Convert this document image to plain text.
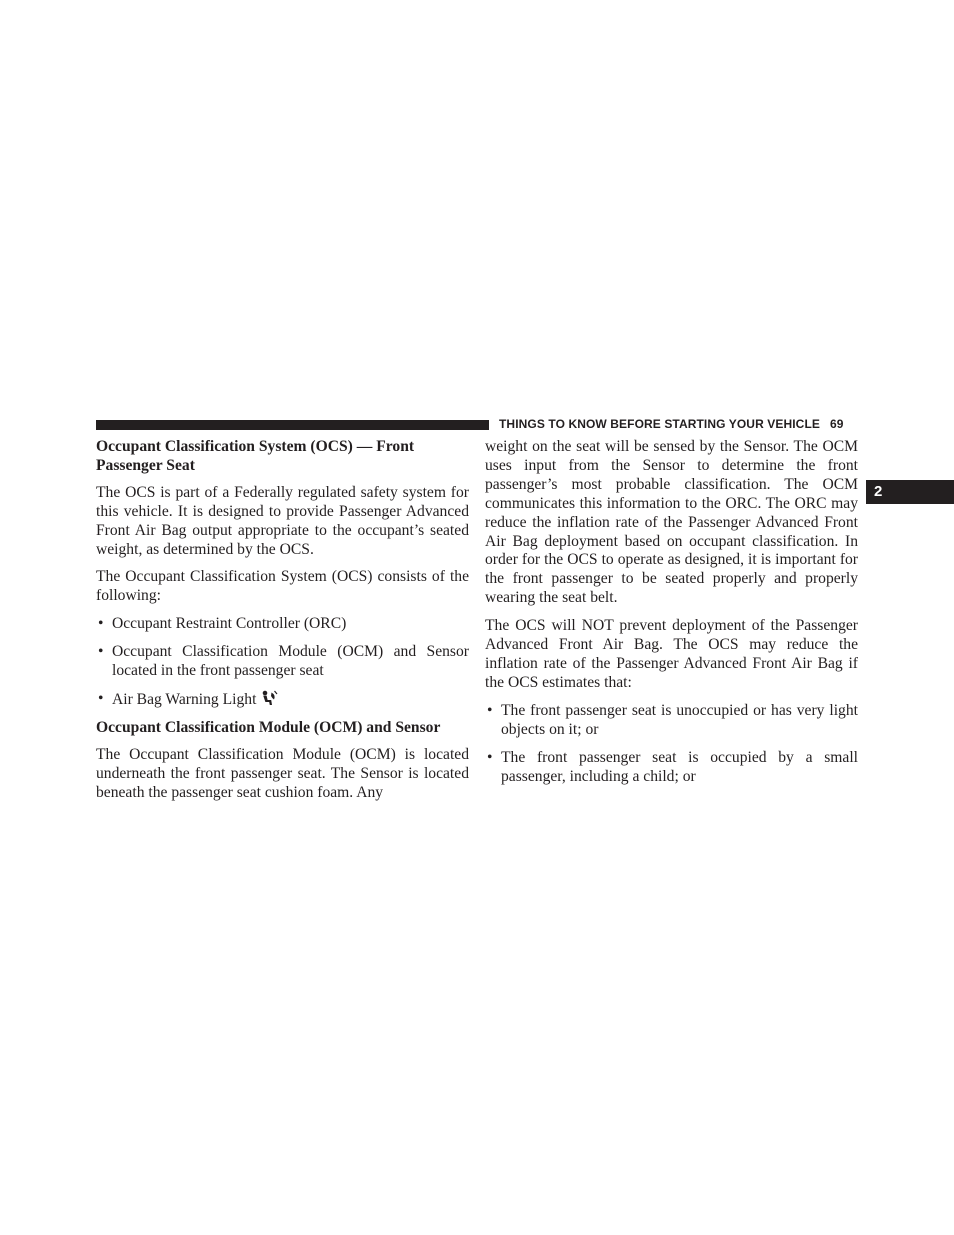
THINGS TO KNOW BEFORE STARTING YOUR VEHICLE 69
2
Occupant Classification System (OCS) — Front Passenger Seat

The OCS is part of a Federally regulated safety system for this vehicle. It is designed to provide Passenger Advanced Front Air Bag output appropriate to the occupant’s seated weight, as determined by the OCS.

The Occupant Classification System (OCS) consists of the following:

• Occupant Restraint Controller (ORC)
• Occupant Classification Module (OCM) and Sensor located in the front passenger seat
• Air Bag Warning Light
Occupant Classification Module (OCM) and Sensor

The Occupant Classification Module (OCM) is located underneath the front passenger seat. The Sensor is located beneath the passenger seat cushion foam. Any

weight on the seat will be sensed by the Sensor. The OCM uses input from the Sensor to determine the front passenger’s most probable classification. The OCM communicates this information to the ORC. The ORC may reduce the inflation rate of the Passenger Advanced Front Air Bag deployment based on occupant classification. In order for the OCS to operate as designed, it is important for the front passenger to be seated properly and properly wearing the seat belt.

The OCS will NOT prevent deployment of the Passenger Advanced Front Air Bag. The OCS may reduce the inflation rate of the Passenger Advanced Front Air Bag if the OCS estimates that:

• The front passenger seat is unoccupied or has very light objects on it; or
• The front passenger seat is occupied by a small passenger, including a child; or
